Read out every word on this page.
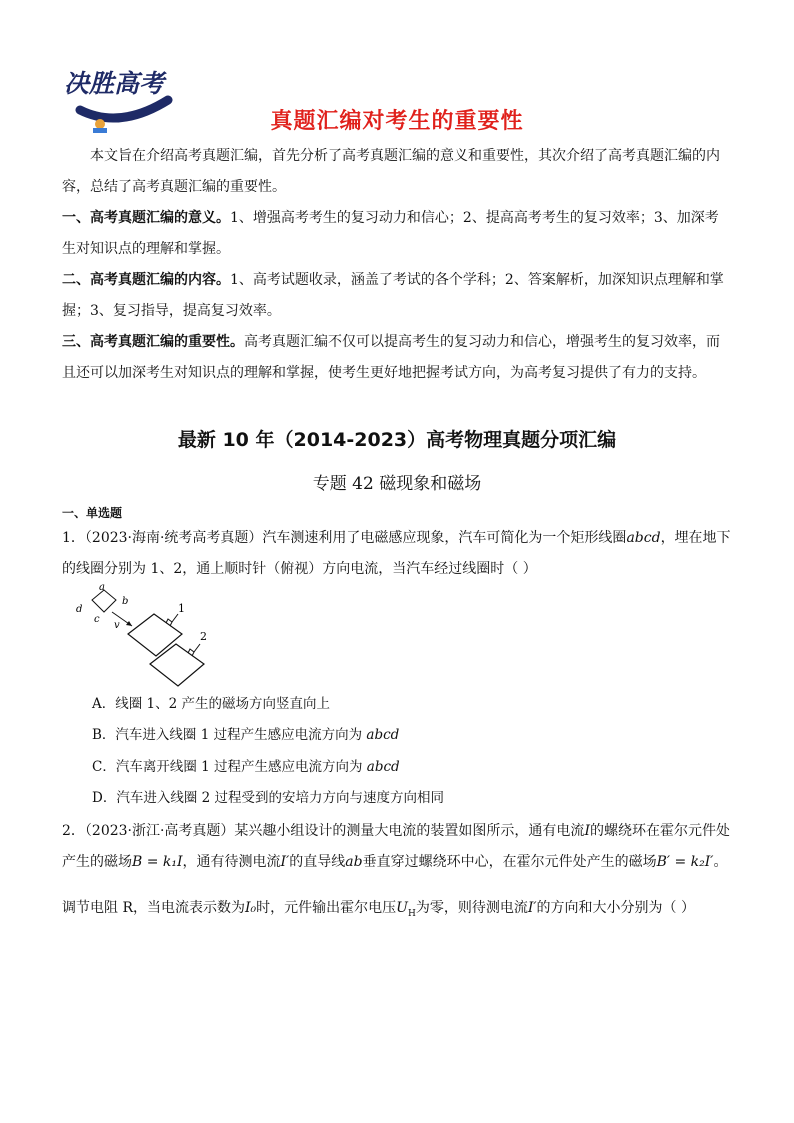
决胜高考
真题汇编对考生的重要性
本文旨在介绍高考真题汇编，首先分析了高考真题汇编的意义和重要性，其次介绍了高考真题汇编的内容，总结了高考真题汇编的重要性。
一、高考真题汇编的意义。1、增强高考考生的复习动力和信心；2、提高高考考生的复习效率；3、加深考生对知识点的理解和掌握。
二、高考真题汇编的内容。1、高考试题收录，涵盖了考试的各个学科；2、答案解析，加深知识点理解和掌握；3、复习指导，提高复习效率。
三、高考真题汇编的重要性。高考真题汇编不仅可以提高考生的复习动力和信心，增强考生的复习效率，而且还可以加深考生对知识点的理解和掌握，使考生更好地把握考试方向，为高考复习提供了有力的支持。
最新 10 年（2014-2023）高考物理真题分项汇编
专题 42 磁现象和磁场
一、单选题
1．（2023·海南·统考高考真题）汽车测速利用了电磁感应现象，汽车可简化为一个矩形线圈abcd，埋在地下的线圈分别为 1、2，通上顺时针（俯视）方向电流，当汽车经过线圈时（ ）
a
b
c
d
v
1
2
A．线圈 1、2 产生的磁场方向竖直向上
B．汽车进入线圈 1 过程产生感应电流方向为 abcd
C．汽车离开线圈 1 过程产生感应电流方向为 abcd
D．汽车进入线圈 2 过程受到的安培力方向与速度方向相同
2．（2023·浙江·高考真题）某兴趣小组设计的测量大电流的装置如图所示，通有电流I的螺绕环在霍尔元件处产生的磁场B = k₁I，通有待测电流I′的直导线ab垂直穿过螺绕环中心，在霍尔元件处产生的磁场B′ = k₂I′。
调节电阻 R，当电流表示数为I₀时，元件输出霍尔电压$U_H$为零，则待测电流I′的方向和大小分别为（ ）
